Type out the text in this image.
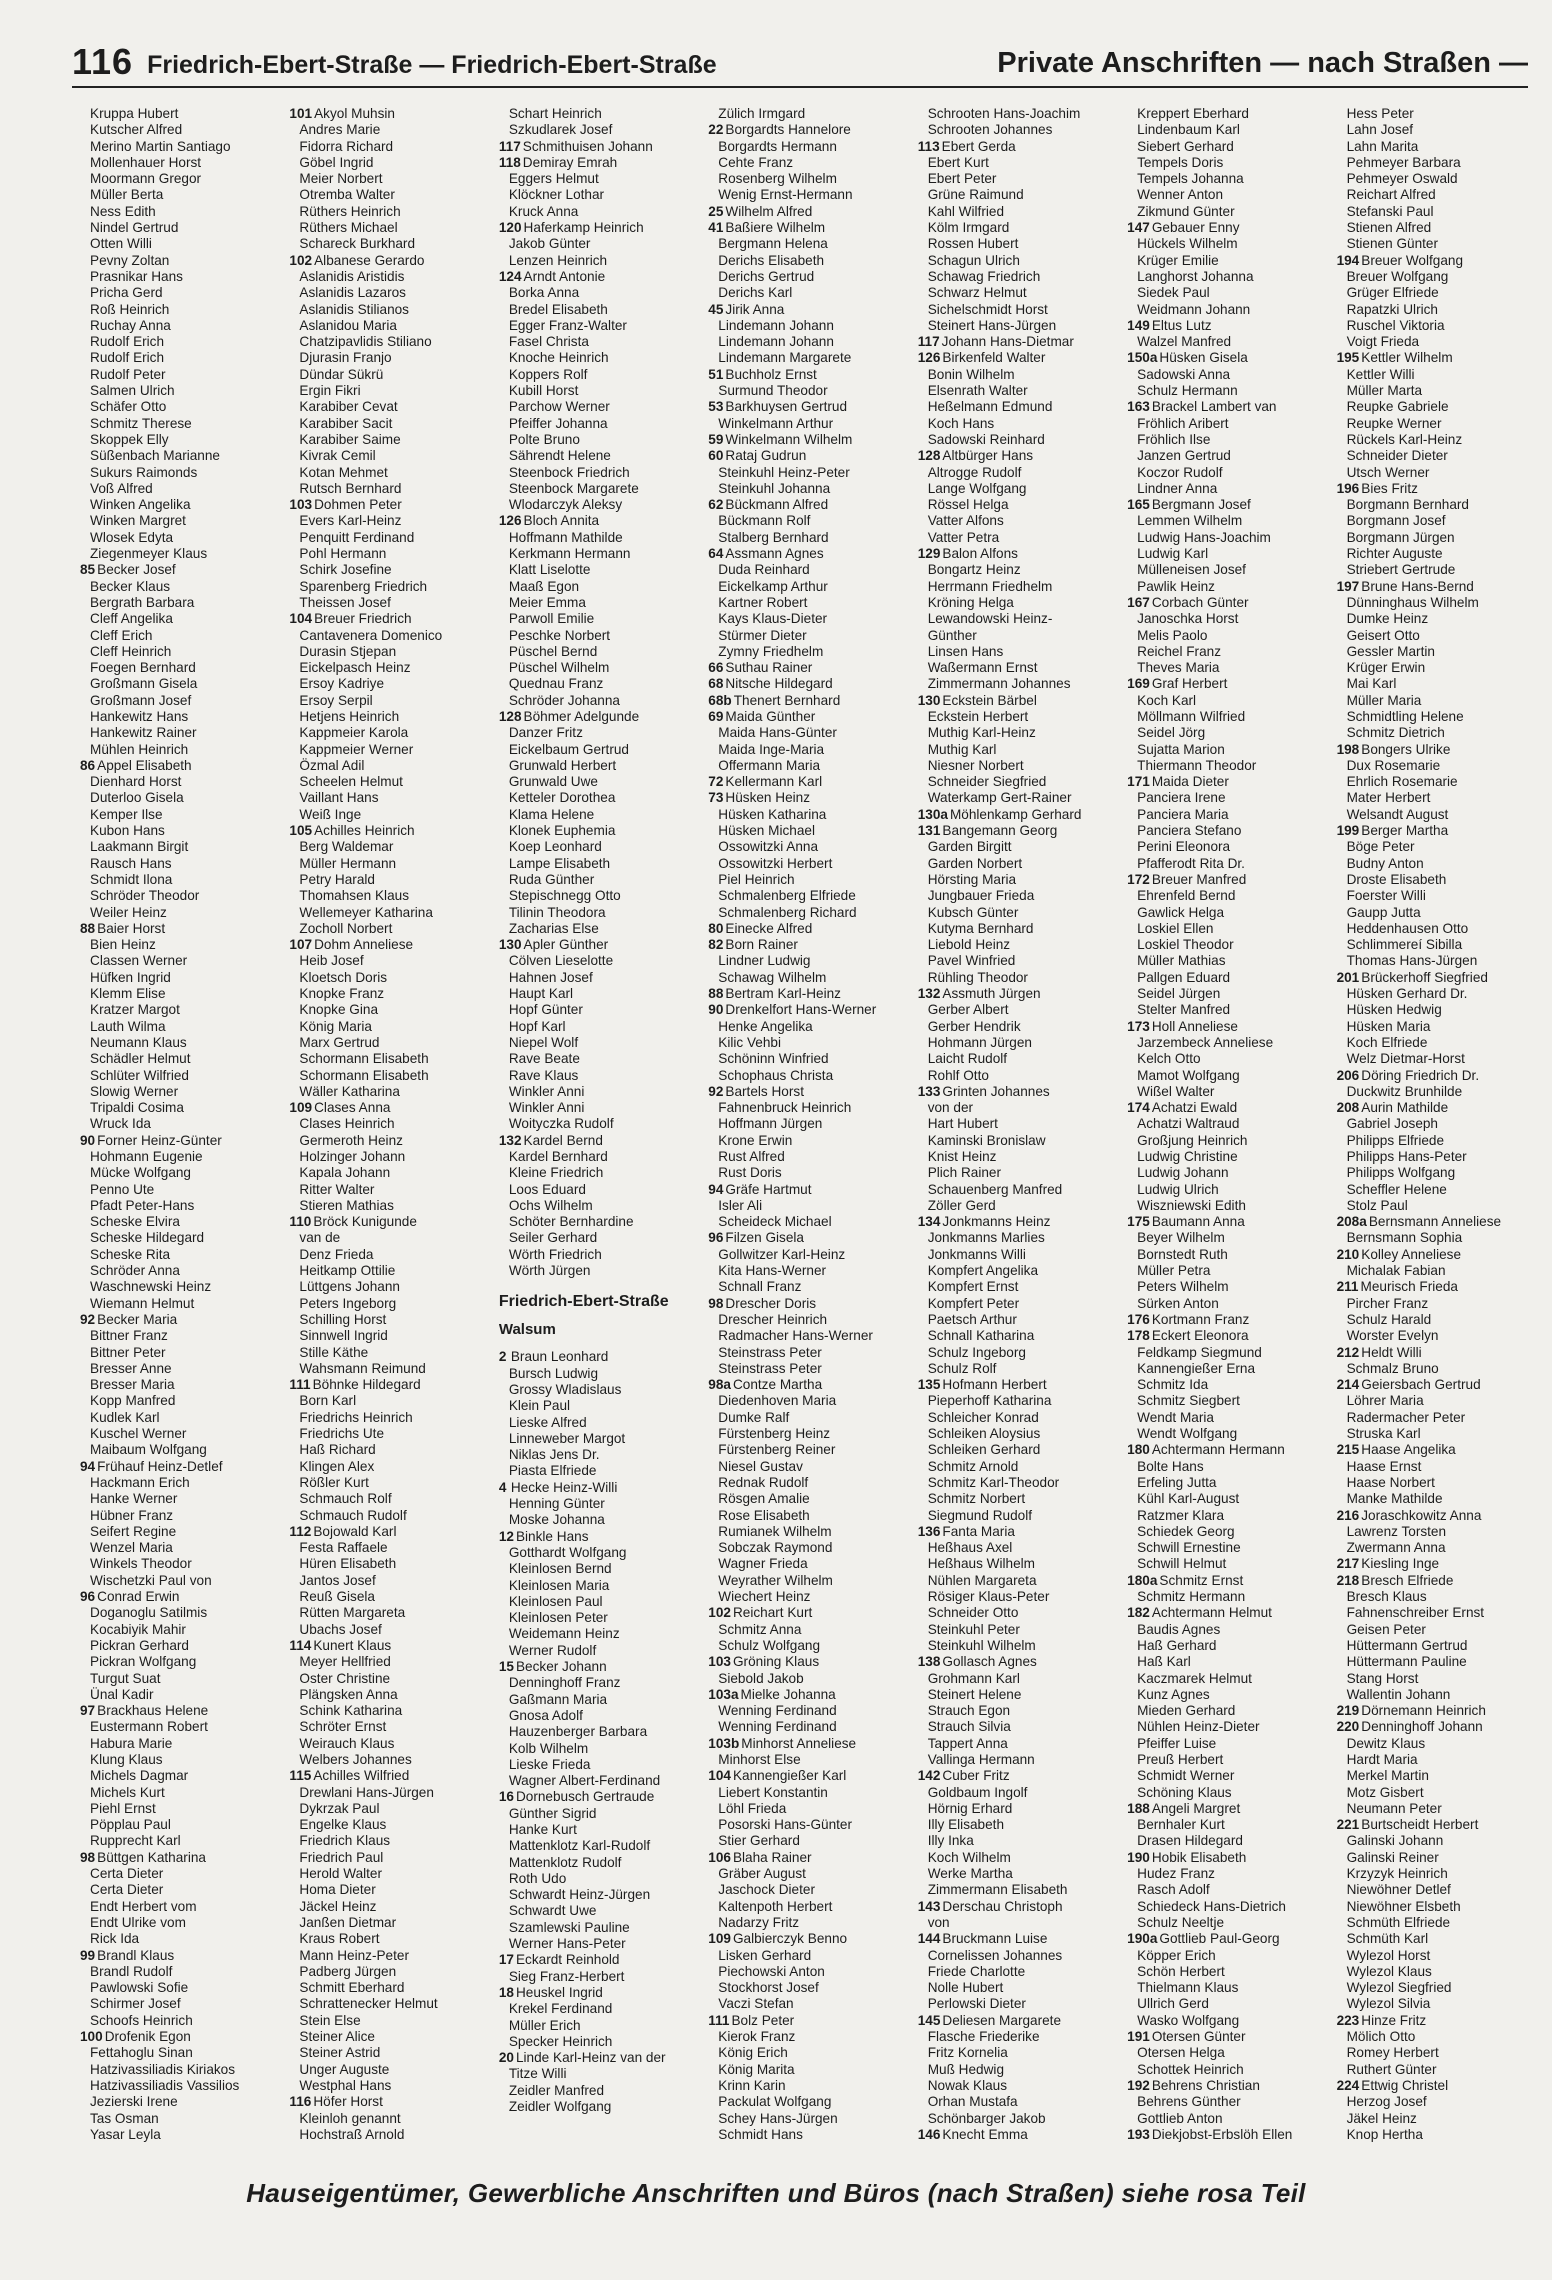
116 Friedrich-Ebert-Straße — Friedrich-Ebert-Straße	Private Anschriften — nach Straßen —
Kruppa Hubert
Kutscher Alfred
Merino Martin Santiago
Mollenhauer Horst
Moormann Gregor
Müller Berta
Ness Edith
Nindel Gertrud
Otten Willi
Pevny Zoltan
Prasnikar Hans
Pricha Gerd
Roß Heinrich
Ruchay Anna
Rudolf Erich
Rudolf Erich
Rudolf Peter
Salmen Ulrich
Schäfer Otto
Schmitz Therese
Skoppek Elly
Süßenbach Marianne
Sukurs Raimonds
Voß Alfred
Winken Angelika
Winken Margret
Wlosek Edyta
Ziegenmeyer Klaus
85 Becker Josef
Becker Klaus
Bergrath Barbara
Cleff Angelika
Cleff Erich
Cleff Heinrich
Foegen Bernhard
Großmann Gisela
Großmann Josef
Hankewitz Hans
Hankewitz Rainer
Mühlen Heinrich
86 Appel Elisabeth
Dienhard Horst
Duterloo Gisela
Kemper Ilse
Kubon Hans
Laakmann Birgit
Rausch Hans
Schmidt Ilona
Schröder Theodor
Weiler Heinz
88 Baier Horst
Bien Heinz
Classen Werner
Hüfken Ingrid
Klemm Elise
Kratzer Margot
Lauth Wilma
Neumann Klaus
Schädler Helmut
Schlüter Wilfried
Slowig Werner
Tripaldi Cosima
Wruck Ida
90 Forner Heinz-Günter
Hohmann Eugenie
Mücke Wolfgang
Penno Ute
Pfadt Peter-Hans
Scheske Elvira
Scheske Hildegard
Scheske Rita
Schröder Anna
Waschnewski Heinz
Wiemann Helmut
92 Becker Maria
Bittner Franz
Bittner Peter
Bresser Anne
Bresser Maria
Kopp Manfred
Kudlek Karl
Kuschel Werner
Maibaum Wolfgang
94 Frühauf Heinz-Detlef
Hackmann Erich
Hanke Werner
Hübner Franz
Seifert Regine
Wenzel Maria
Winkels Theodor
Wischetzki Paul von
96 Conrad Erwin
Doganoglu Satilmis
Kocabiyik Mahir
Pickran Gerhard
Pickran Wolfgang
Turgut Suat
Ünal Kadir
97 Brackhaus Helene
Eustermann Robert
Habura Marie
Klung Klaus
Michels Dagmar
Michels Kurt
Piehl Ernst
Pöpplau Paul
Rupprecht Karl
98 Büttgen Katharina
Certa Dieter
Certa Dieter
Endt Herbert vom
Endt Ulrike vom
Rick Ida
99 Brandl Klaus
Brandl Rudolf
Pawlowski Sofie
Schirmer Josef
Schoofs Heinrich
100 Drofenik Egon
Fettahoglu Sinan
Hatzivassiliadis Kiriakos
Hatzivassiliadis Vassilios
Jezierski Irene
Tas Osman
Yasar Leyla
101 Akyol Muhsin
Andres Marie
Fidorra Richard
Göbel Ingrid
Meier Norbert
Otremba Walter
Rüthers Heinrich
Rüthers Michael
Schareck Burkhard
102 Albanese Gerardo
Aslanidis Aristidis
Aslanidis Lazaros
Aslanidis Stilianos
Aslanidou Maria
Chatzipavlidis Stiliano
Djurasin Franjo
Dündar Sükrü
Ergin Fikri
Karabiber Cevat
Karabiber Sacit
Karabiber Saime
Kivrak Cemil
Kotan Mehmet
Rutsch Bernhard
103 Dohmen Peter
Evers Karl-Heinz
Penquitt Ferdinand
Pohl Hermann
Schirk Josefine
Sparenberg Friedrich
Theissen Josef
104 Breuer Friedrich
Cantavenera Domenico
Durasin Stjepan
Eickelpasch Heinz
Ersoy Kadriye
Ersoy Serpil
Hetjens Heinrich
Kappmeier Karola
Kappmeier Werner
Özmal Adil
Scheelen Helmut
Vaillant Hans
Weiß Inge
105 Achilles Heinrich
Berg Waldemar
Müller Hermann
Petry Harald
Thomahsen Klaus
Wellemeyer Katharina
Zocholl Norbert
107 Dohm Anneliese
Heib Josef
Kloetsch Doris
Knopke Franz
Knopke Gina
König Maria
Marx Gertrud
Schormann Elisabeth
Schormann Elisabeth
Wäller Katharina
109 Clases Anna
Clases Heinrich
Germeroth Heinz
Holzinger Johann
Kapala Johann
Ritter Walter
Stieren Mathias
110 Bröck Kunigunde
van de
Denz Frieda
Heitkamp Ottilie
Lüttgens Johann
Peters Ingeborg
Schilling Horst
Sinnwell Ingrid
Stille Käthe
Wahsmann Reimund
111 Böhnke Hildegard
Born Karl
Friedrichs Heinrich
Friedrichs Ute
Haß Richard
Klingen Alex
Rößler Kurt
Schmauch Rolf
Schmauch Rudolf
112 Bojowald Karl
Festa Raffaele
Hüren Elisabeth
Jantos Josef
Reuß Gisela
Rütten Margareta
Ubachs Josef
114 Kunert Klaus
Meyer Hellfried
Oster Christine
Plängsken Anna
Schink Katharina
Schröter Ernst
Weirauch Klaus
Welbers Johannes
115 Achilles Wilfried
Drewlani Hans-Jürgen
Dykrzak Paul
Engelke Klaus
Friedrich Klaus
Friedrich Paul
Herold Walter
Homa Dieter
Jäckel Heinz
Janßen Dietmar
Kraus Robert
Mann Heinz-Peter
Padberg Jürgen
Schmitt Eberhard
Schrattenecker Helmut
Stein Else
Steiner Alice
Steiner Astrid
Unger Auguste
Westphal Hans
116 Höfer Horst
Kleinloh genannt
Hochstraß Arnold
Schart Heinrich
Szkudlarek Josef
117 Schmithuisen Johann
118 Demiray Emrah
Eggers Helmut
Klöckner Lothar
Kruck Anna
120 Haferkamp Heinrich
Jakob Günter
Lenzen Heinrich
124 Arndt Antonie
Borka Anna
Bredel Elisabeth
Egger Franz-Walter
Fasel Christa
Knoche Heinrich
Koppers Rolf
Kubill Horst
Parchow Werner
Pfeiffer Johanna
Polte Bruno
Sährendt Helene
Steenbock Friedrich
Steenbock Margarete
Wlodarczyk Aleksy
126 Bloch Annita
Hoffmann Mathilde
Kerkmann Hermann
Klatt Liselotte
Maaß Egon
Meier Emma
Parwoll Emilie
Peschke Norbert
Püschel Bernd
Püschel Wilhelm
Quednau Franz
Schröder Johanna
128 Böhmer Adelgunde
Danzer Fritz
Eickelbaum Gertrud
Grunwald Herbert
Grunwald Uwe
Ketteler Dorothea
Klama Helene
Klonek Euphemia
Koep Leonhard
Lampe Elisabeth
Ruda Günther
Stepischnegg Otto
Tilinin Theodora
Zacharias Else
130 Apler Günther
Cölven Lieselotte
Hahnen Josef
Haupt Karl
Hopf Günter
Hopf Karl
Niepel Wolf
Rave Beate
Rave Klaus
Winkler Anni
Winkler Anni
Woityczka Rudolf
132 Kardel Bernd
Kardel Bernhard
Kleine Friedrich
Loos Eduard
Ochs Wilhelm
Schöter Bernhardine
Seiler Gerhard
Wörth Friedrich
Wörth Jürgen
Friedrich-Ebert-Straße
Walsum
2 Braun Leonhard
Bursch Ludwig
Grossy Wladislaus
Klein Paul
Lieske Alfred
Linneweber Margot
Niklas Jens Dr.
Piasta Elfriede
4 Hecke Heinz-Willi
Henning Günter
Moske Johanna
12 Binkle Hans
Gotthardt Wolfgang
Kleinlosen Bernd
Kleinlosen Maria
Kleinlosen Paul
Kleinlosen Peter
Weidemann Heinz
Werner Rudolf
15 Becker Johann
Denninghoff Franz
Gaßmann Maria
Gnosa Adolf
Hauzenberger Barbara
Kolb Wilhelm
Lieske Frieda
Wagner Albert-Ferdinand
16 Dornebusch Gertraude
Günther Sigrid
Hanke Kurt
Mattenklotz Karl-Rudolf
Mattenklotz Rudolf
Roth Udo
Schwardt Heinz-Jürgen
Schwardt Uwe
Szamlewski Pauline
Werner Hans-Peter
17 Eckardt Reinhold
Sieg Franz-Herbert
18 Heuskel Ingrid
Krekel Ferdinand
Müller Erich
Specker Heinrich
20 Linde Karl-Heinz van der
Titze Willi
Zeidler Manfred
Zeidler Wolfgang
Zülich Irmgard
22 Borgardts Hannelore
Borgardts Hermann
Cehte Franz
Rosenberg Wilhelm
Wenig Ernst-Hermann
25 Wilhelm Alfred
41 Baßiere Wilhelm
Bergmann Helena
Derichs Elisabeth
Derichs Gertrud
Derichs Karl
45 Jirik Anna
Lindemann Johann
Lindemann Johann
Lindemann Margarete
51 Buchholz Ernst
Surmund Theodor
53 Barkhuysen Gertrud
Winkelmann Arthur
59 Winkelmann Wilhelm
60 Rataj Gudrun
Steinkuhl Heinz-Peter
Steinkuhl Johanna
62 Bückmann Alfred
Bückmann Rolf
Stalberg Bernhard
64 Assmann Agnes
Duda Reinhard
Eickelkamp Arthur
Kartner Robert
Kays Klaus-Dieter
Stürmer Dieter
Zymny Friedhelm
66 Suthau Rainer
68 Nitsche Hildegard
68b Thenert Bernhard
69 Maida Günther
Maida Hans-Günter
Maida Inge-Maria
Offermann Maria
72 Kellermann Karl
73 Hüsken Heinz
Hüsken Katharina
Hüsken Michael
Ossowitzki Anna
Ossowitzki Herbert
Piel Heinrich
Schmalenberg Elfriede
Schmalenberg Richard
80 Einecke Alfred
82 Born Rainer
Lindner Ludwig
Schawag Wilhelm
88 Bertram Karl-Heinz
90 Drenkelfort Hans-Werner
Henke Angelika
Kilic Vehbi
Schöninn Winfried
Schophaus Christa
92 Bartels Horst
Fahnenbruck Heinrich
Hoffmann Jürgen
Krone Erwin
Rust Alfred
Rust Doris
94 Gräfe Hartmut
Isler Ali
Scheideck Michael
96 Filzen Gisela
Gollwitzer Karl-Heinz
Kita Hans-Werner
Schnall Franz
98 Drescher Doris
Drescher Heinrich
Radmacher Hans-Werner
Steinstrass Peter
Steinstrass Peter
98a Contze Martha
Diedenhoven Maria
Dumke Ralf
Fürstenberg Heinz
Fürstenberg Reiner
Niesel Gustav
Rednak Rudolf
Rösgen Amalie
Rose Elisabeth
Rumianek Wilhelm
Sobczak Raymond
Wagner Frieda
Weyrather Wilhelm
Wiechert Heinz
102 Reichart Kurt
Schmitz Anna
Schulz Wolfgang
103 Gröning Klaus
Siebold Jakob
103a Mielke Johanna
Wenning Ferdinand
Wenning Ferdinand
103b Minhorst Anneliese
Minhorst Else
104 Kannengießer Karl
Liebert Konstantin
Löhl Frieda
Posorski Hans-Günter
Stier Gerhard
106 Blaha Rainer
Gräber August
Jaschock Dieter
Kaltenpoth Herbert
Nadarzy Fritz
109 Galbierczyk Benno
Lisken Gerhard
Piechowski Anton
Stockhorst Josef
Vaczi Stefan
111 Bolz Peter
Kierok Franz
König Erich
König Marita
Krinn Karin
Packulat Wolfgang
Schey Hans-Jürgen
Schmidt Hans
Schrooten Hans-Joachim
Schrooten Johannes
113 Ebert Gerda
Ebert Kurt
Ebert Peter
Grüne Raimund
Kahl Wilfried
Kölm Irmgard
Rossen Hubert
Schagun Ulrich
Schawag Friedrich
Schwarz Helmut
Sichelschmidt Horst
Steinert Hans-Jürgen
117 Johann Hans-Dietmar
126 Birkenfeld Walter
Bonin Wilhelm
Elsenrath Walter
Heßelmann Edmund
Koch Hans
Sadowski Reinhard
128 Altbürger Hans
Altrogge Rudolf
Lange Wolfgang
Rössel Helga
Vatter Alfons
Vatter Petra
129 Balon Alfons
Bongartz Heinz
Herrmann Friedhelm
Kröning Helga
Lewandowski Heinz-
Günther
Linsen Hans
Waßermann Ernst
Zimmermann Johannes
130 Eckstein Bärbel
Eckstein Herbert
Muthig Karl-Heinz
Muthig Karl
Niesner Norbert
Schneider Siegfried
Waterkamp Gert-Rainer
130a Möhlenkamp Gerhard
131 Bangemann Georg
Garden Birgitt
Garden Norbert
Hörsting Maria
Jungbauer Frieda
Kubsch Günter
Kutyma Bernhard
Liebold Heinz
Pavel Winfried
Rühling Theodor
132 Assmuth Jürgen
Gerber Albert
Gerber Hendrik
Hohmann Jürgen
Laicht Rudolf
Rohlf Otto
133 Grinten Johannes
von der
Hart Hubert
Kaminski Bronislaw
Knist Heinz
Plich Rainer
Schauenberg Manfred
Zöller Gerd
134 Jonkmanns Heinz
Jonkmanns Marlies
Jonkmanns Willi
Kompfert Angelika
Kompfert Ernst
Kompfert Peter
Paetsch Arthur
Schnall Katharina
Schulz Ingeborg
Schulz Rolf
135 Hofmann Herbert
Pieperhoff Katharina
Schleicher Konrad
Schleiken Aloysius
Schleiken Gerhard
Schmitz Arnold
Schmitz Karl-Theodor
Schmitz Norbert
Siegmund Rudolf
136 Fanta Maria
Heßhaus Axel
Heßhaus Wilhelm
Nühlen Margareta
Rösiger Klaus-Peter
Schneider Otto
Steinkuhl Peter
Steinkuhl Wilhelm
138 Gollasch Agnes
Grohmann Karl
Steinert Helene
Strauch Egon
Strauch Silvia
Tappert Anna
Vallinga Hermann
142 Cuber Fritz
Goldbaum Ingolf
Hörnig Erhard
Illy Elisabeth
Illy Inka
Koch Wilhelm
Werke Martha
Zimmermann Elisabeth
143 Derschau Christoph
von
144 Bruckmann Luise
Cornelissen Johannes
Friede Charlotte
Nolle Hubert
Perlowski Dieter
145 Deliesen Margarete
Flasche Friederike
Fritz Kornelia
Muß Hedwig
Nowak Klaus
Orhan Mustafa
Schönbarger Jakob
146 Knecht Emma
Kreppert Eberhard
Lindenbaum Karl
Siebert Gerhard
Tempels Doris
Tempels Johanna
Wenner Anton
Zikmund Günter
147 Gebauer Enny
Hückels Wilhelm
Krüger Emilie
Langhorst Johanna
Siedek Paul
Weidmann Johann
149 Eltus Lutz
Walzel Manfred
150a Hüsken Gisela
Sadowski Anna
Schulz Hermann
163 Brackel Lambert van
Fröhlich Aribert
Fröhlich Ilse
Janzen Gertrud
Koczor Rudolf
Lindner Anna
165 Bergmann Josef
Lemmen Wilhelm
Ludwig Hans-Joachim
Ludwig Karl
Mülleneisen Josef
Pawlik Heinz
167 Corbach Günter
Janoschka Horst
Melis Paolo
Reichel Franz
Theves Maria
169 Graf Herbert
Koch Karl
Möllmann Wilfried
Seidel Jörg
Sujatta Marion
Thiermann Theodor
171 Maida Dieter
Panciera Irene
Panciera Maria
Panciera Stefano
Perini Eleonora
Pfafferodt Rita Dr.
172 Breuer Manfred
Ehrenfeld Bernd
Gawlick Helga
Loskiel Ellen
Loskiel Theodor
Müller Mathias
Pallgen Eduard
Seidel Jürgen
Stelter Manfred
173 Holl Anneliese
Jarzembeck Anneliese
Kelch Otto
Mamot Wolfgang
Wißel Walter
174 Achatzi Ewald
Achatzi Waltraud
Großjung Heinrich
Ludwig Christine
Ludwig Johann
Ludwig Ulrich
Wiszniewski Edith
175 Baumann Anna
Beyer Wilhelm
Bornstedt Ruth
Müller Petra
Peters Wilhelm
Sürken Anton
176 Kortmann Franz
178 Eckert Eleonora
Feldkamp Siegmund
Kannengießer Erna
Schmitz Ida
Schmitz Siegbert
Wendt Maria
Wendt Wolfgang
180 Achtermann Hermann
Bolte Hans
Erfeling Jutta
Kühl Karl-August
Ratzmer Klara
Schiedek Georg
Schwill Ernestine
Schwill Helmut
180a Schmitz Ernst
Schmitz Hermann
182 Achtermann Helmut
Baudis Agnes
Haß Gerhard
Haß Karl
Kaczmarek Helmut
Kunz Agnes
Mieden Gerhard
Nühlen Heinz-Dieter
Pfeiffer Luise
Preuß Herbert
Schmidt Werner
Schöning Klaus
188 Angeli Margret
Bernhaler Kurt
Drasen Hildegard
190 Hobik Elisabeth
Hudez Franz
Rasch Adolf
Schiedeck Hans-Dietrich
Schulz Neeltje
190a Gottlieb Paul-Georg
Köpper Erich
Schön Herbert
Thielmann Klaus
Ullrich Gerd
Wasko Wolfgang
191 Otersen Günter
Otersen Helga
Schottek Heinrich
192 Behrens Christian
Behrens Günther
Gottlieb Anton
193 Diekjobst-Erbslöh Ellen
Hess Peter
Lahn Josef
Lahn Marita
Pehmeyer Barbara
Pehmeyer Oswald
Reichart Alfred
Stefanski Paul
Stienen Alfred
Stienen Günter
194 Breuer Wolfgang
Breuer Wolfgang
Grüger Elfriede
Rapatzki Ulrich
Ruschel Viktoria
Voigt Frieda
195 Kettler Wilhelm
Kettler Willi
Müller Marta
Reupke Gabriele
Reupke Werner
Rückels Karl-Heinz
Schneider Dieter
Utsch Werner
196 Bies Fritz
Borgmann Bernhard
Borgmann Josef
Borgmann Jürgen
Richter Auguste
Striebert Gertrude
197 Brune Hans-Bernd
Dünninghaus Wilhelm
Dumke Heinz
Geisert Otto
Gessler Martin
Krüger Erwin
Mai Karl
Müller Maria
Schmidtling Helene
Schmitz Dietrich
198 Bongers Ulrike
Dux Rosemarie
Ehrlich Rosemarie
Mater Herbert
Welsandt August
199 Berger Martha
Böge Peter
Budny Anton
Droste Elisabeth
Foerster Willi
Gaupp Jutta
Heddenhausen Otto
Schlimmereí Sibilla
Thomas Hans-Jürgen
201 Brückerhoff Siegfried
Hüsken Gerhard Dr.
Hüsken Hedwig
Hüsken Maria
Koch Elfriede
Welz Dietmar-Horst
206 Döring Friedrich Dr.
Duckwitz Brunhilde
208 Aurin Mathilde
Gabriel Joseph
Philipps Elfriede
Philipps Hans-Peter
Philipps Wolfgang
Scheffler Helene
Stolz Paul
208a Bernsmann Anneliese
Bernsmann Sophia
210 Kolley Anneliese
Michalak Fabian
211 Meurisch Frieda
Pircher Franz
Schulz Harald
Worster Evelyn
212 Heldt Willi
Schmalz Bruno
214 Geiersbach Gertrud
Löhrer Maria
Radermacher Peter
Struska Karl
215 Haase Angelika
Haase Ernst
Haase Norbert
Manke Mathilde
216 Joraschkowitz Anna
Lawrenz Torsten
Zwermann Anna
217 Kiesling Inge
218 Bresch Elfriede
Bresch Klaus
Fahnenschreiber Ernst
Geisen Peter
Hüttermann Gertrud
Hüttermann Pauline
Stang Horst
Wallentin Johann
219 Dörnemann Heinrich
220 Denninghoff Johann
Dewitz Klaus
Hardt Maria
Merkel Martin
Motz Gisbert
Neumann Peter
221 Burtscheidt Herbert
Galinski Johann
Galinski Reiner
Krzyzyk Heinrich
Niewöhner Detlef
Niewöhner Elsbeth
Schmüth Elfriede
Schmüth Karl
Wylezol Horst
Wylezol Klaus
Wylezol Siegfried
Wylezol Silvia
223 Hinze Fritz
Mölich Otto
Romey Herbert
Ruthert Günter
224 Ettwig Christel
Herzog Josef
Jäkel Heinz
Knop Hertha
Hauseigentümer, Gewerbliche Anschriften und Büros (nach Straßen) siehe rosa Teil
